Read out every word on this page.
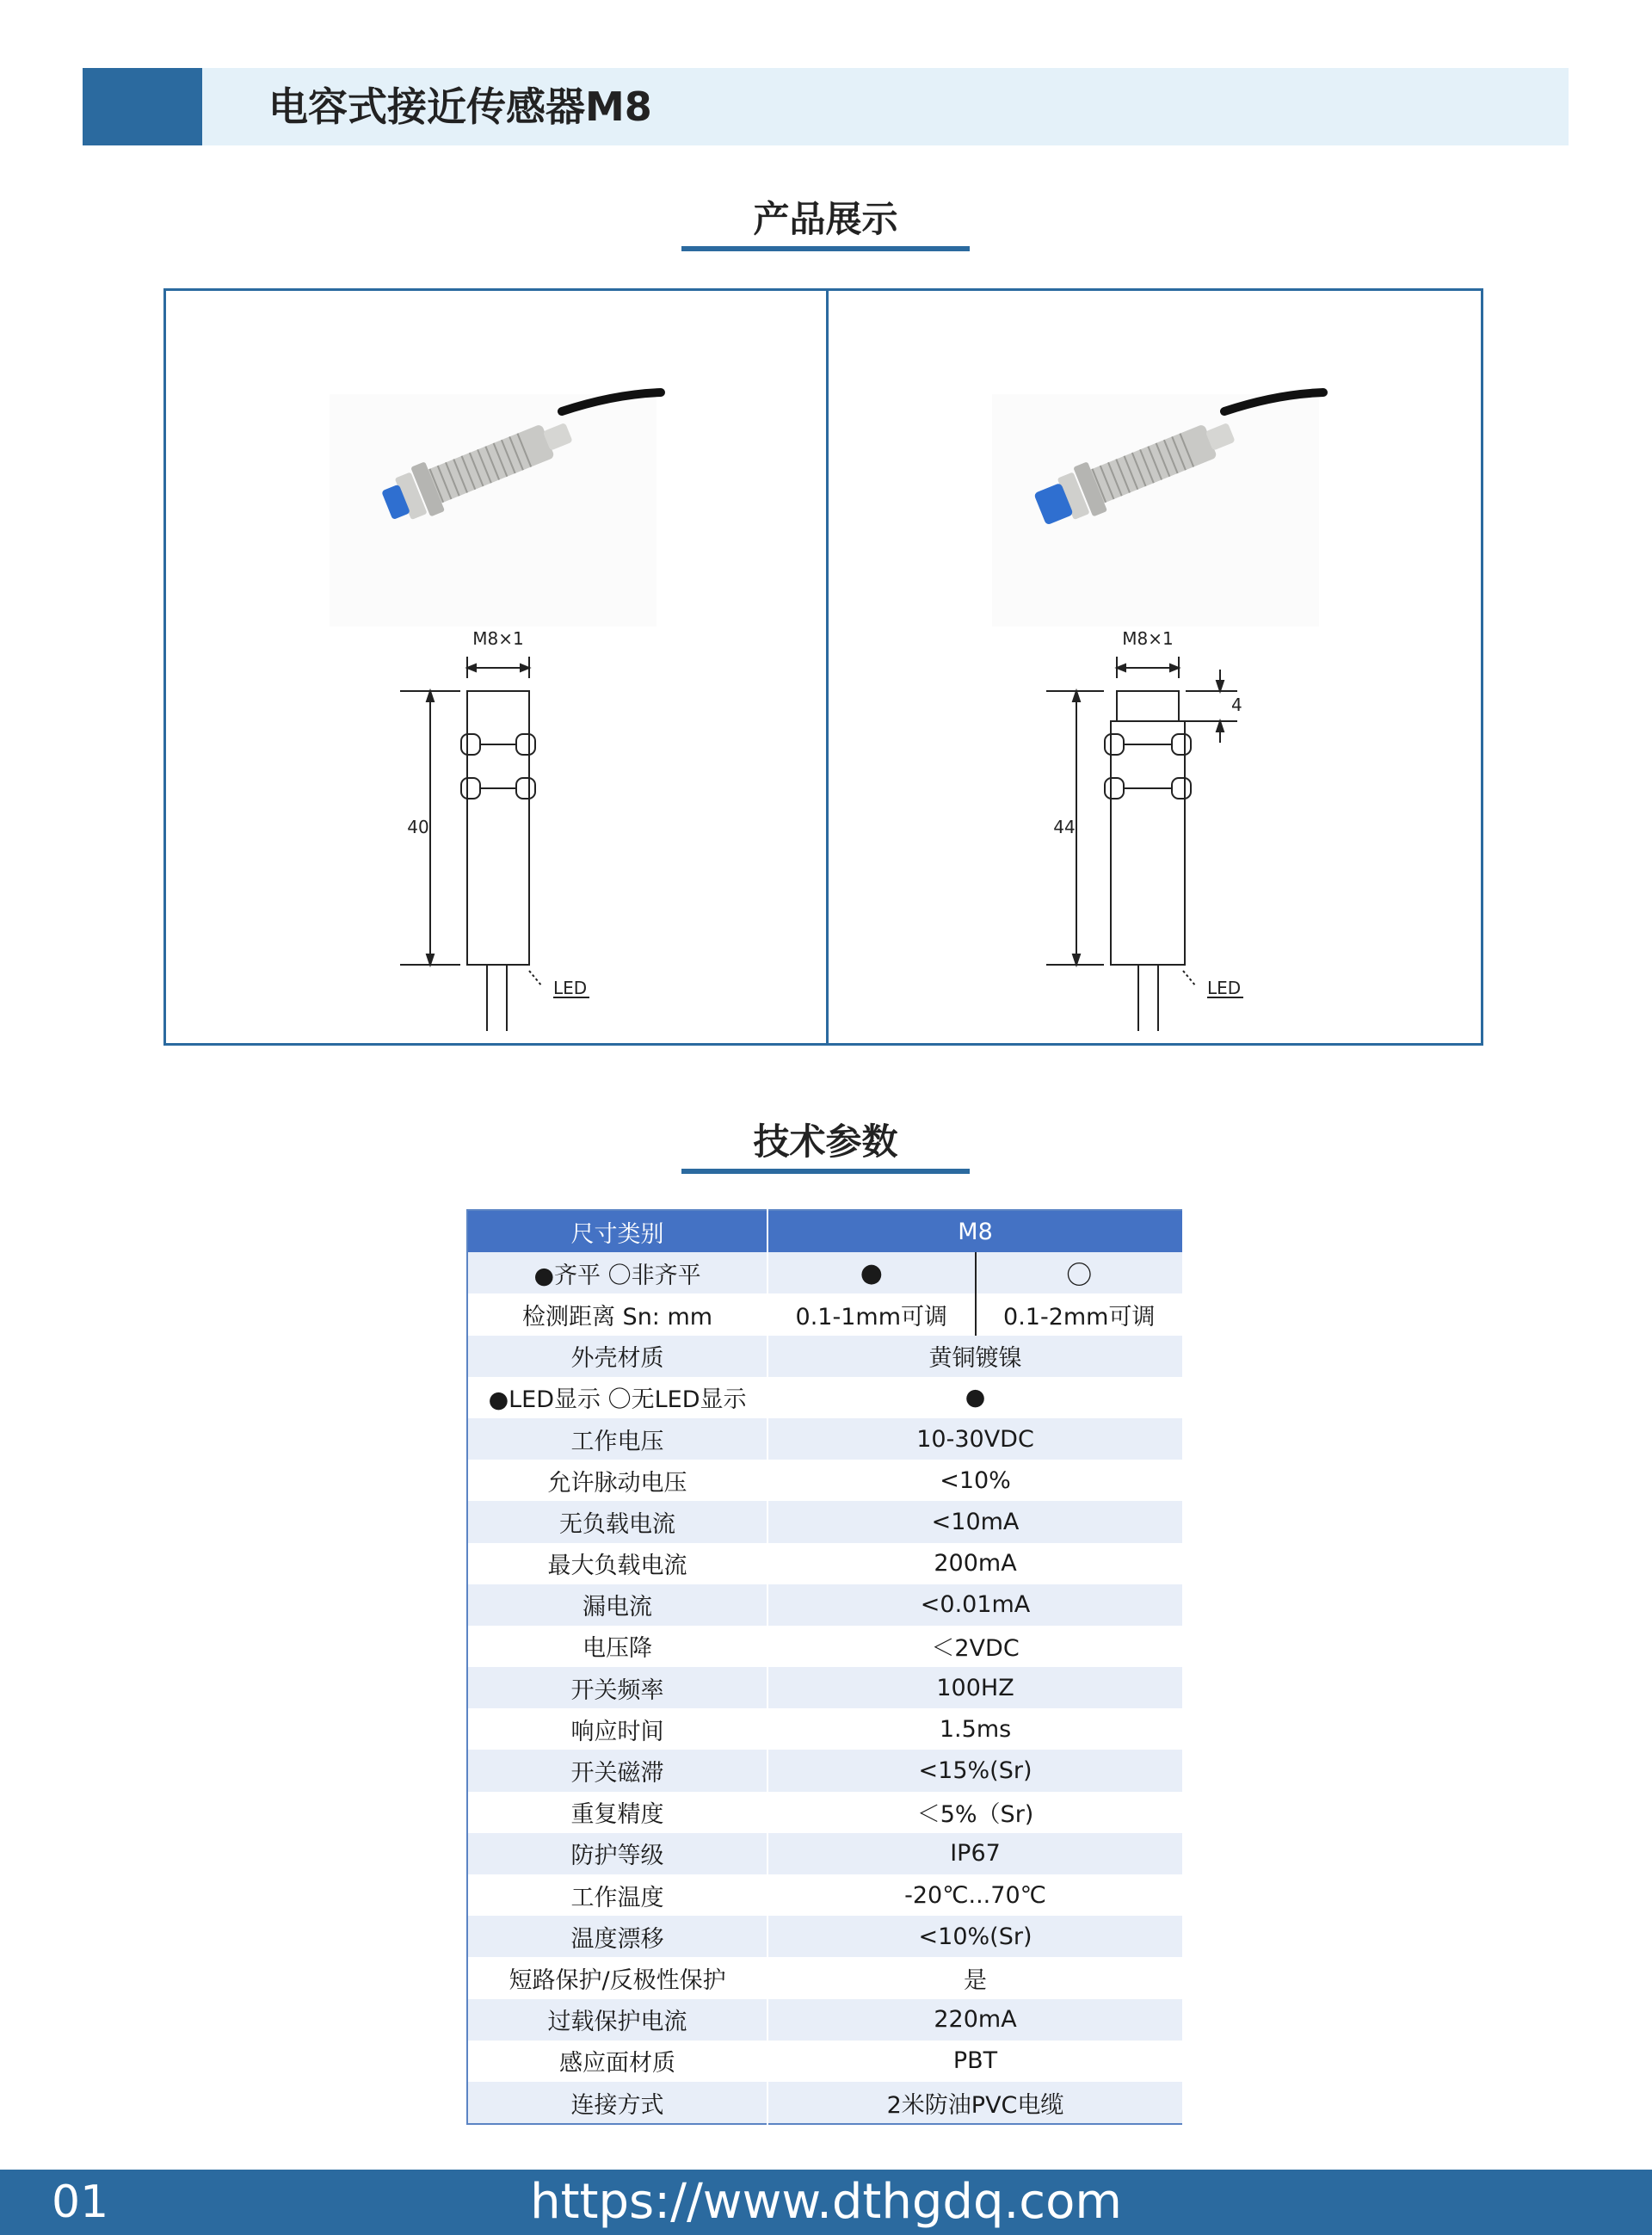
电容式接近传感器M8
产品展示
M8×1
40
LED
M8×1
4
44
LED
技术参数
尺寸类别	M8	
●齐平 〇非齐平	●	〇
检测距离 Sn: mm	0.1-1mm可调	0.1-2mm可调
外壳材质	黄铜镀镍	
●LED显示 〇无LED显示	●	
工作电压	10-30VDC	
允许脉动电压	<10%	
无负载电流	<10mA	
最大负载电流	200mA	
漏电流	<0.01mA	
电压降	＜2VDC	
开关频率	100HZ	
响应时间	1.5ms	
开关磁滞	<15%(Sr)	
重复精度	＜5%（Sr)	
防护等级	IP67	
工作温度	-20℃...70℃	
温度漂移	<10%(Sr)	
短路保护/反极性保护	是	
过载保护电流	220mA	
感应面材质	PBT	
连接方式	2米防油PVC电缆	
01	https://www.dthgdq.com
